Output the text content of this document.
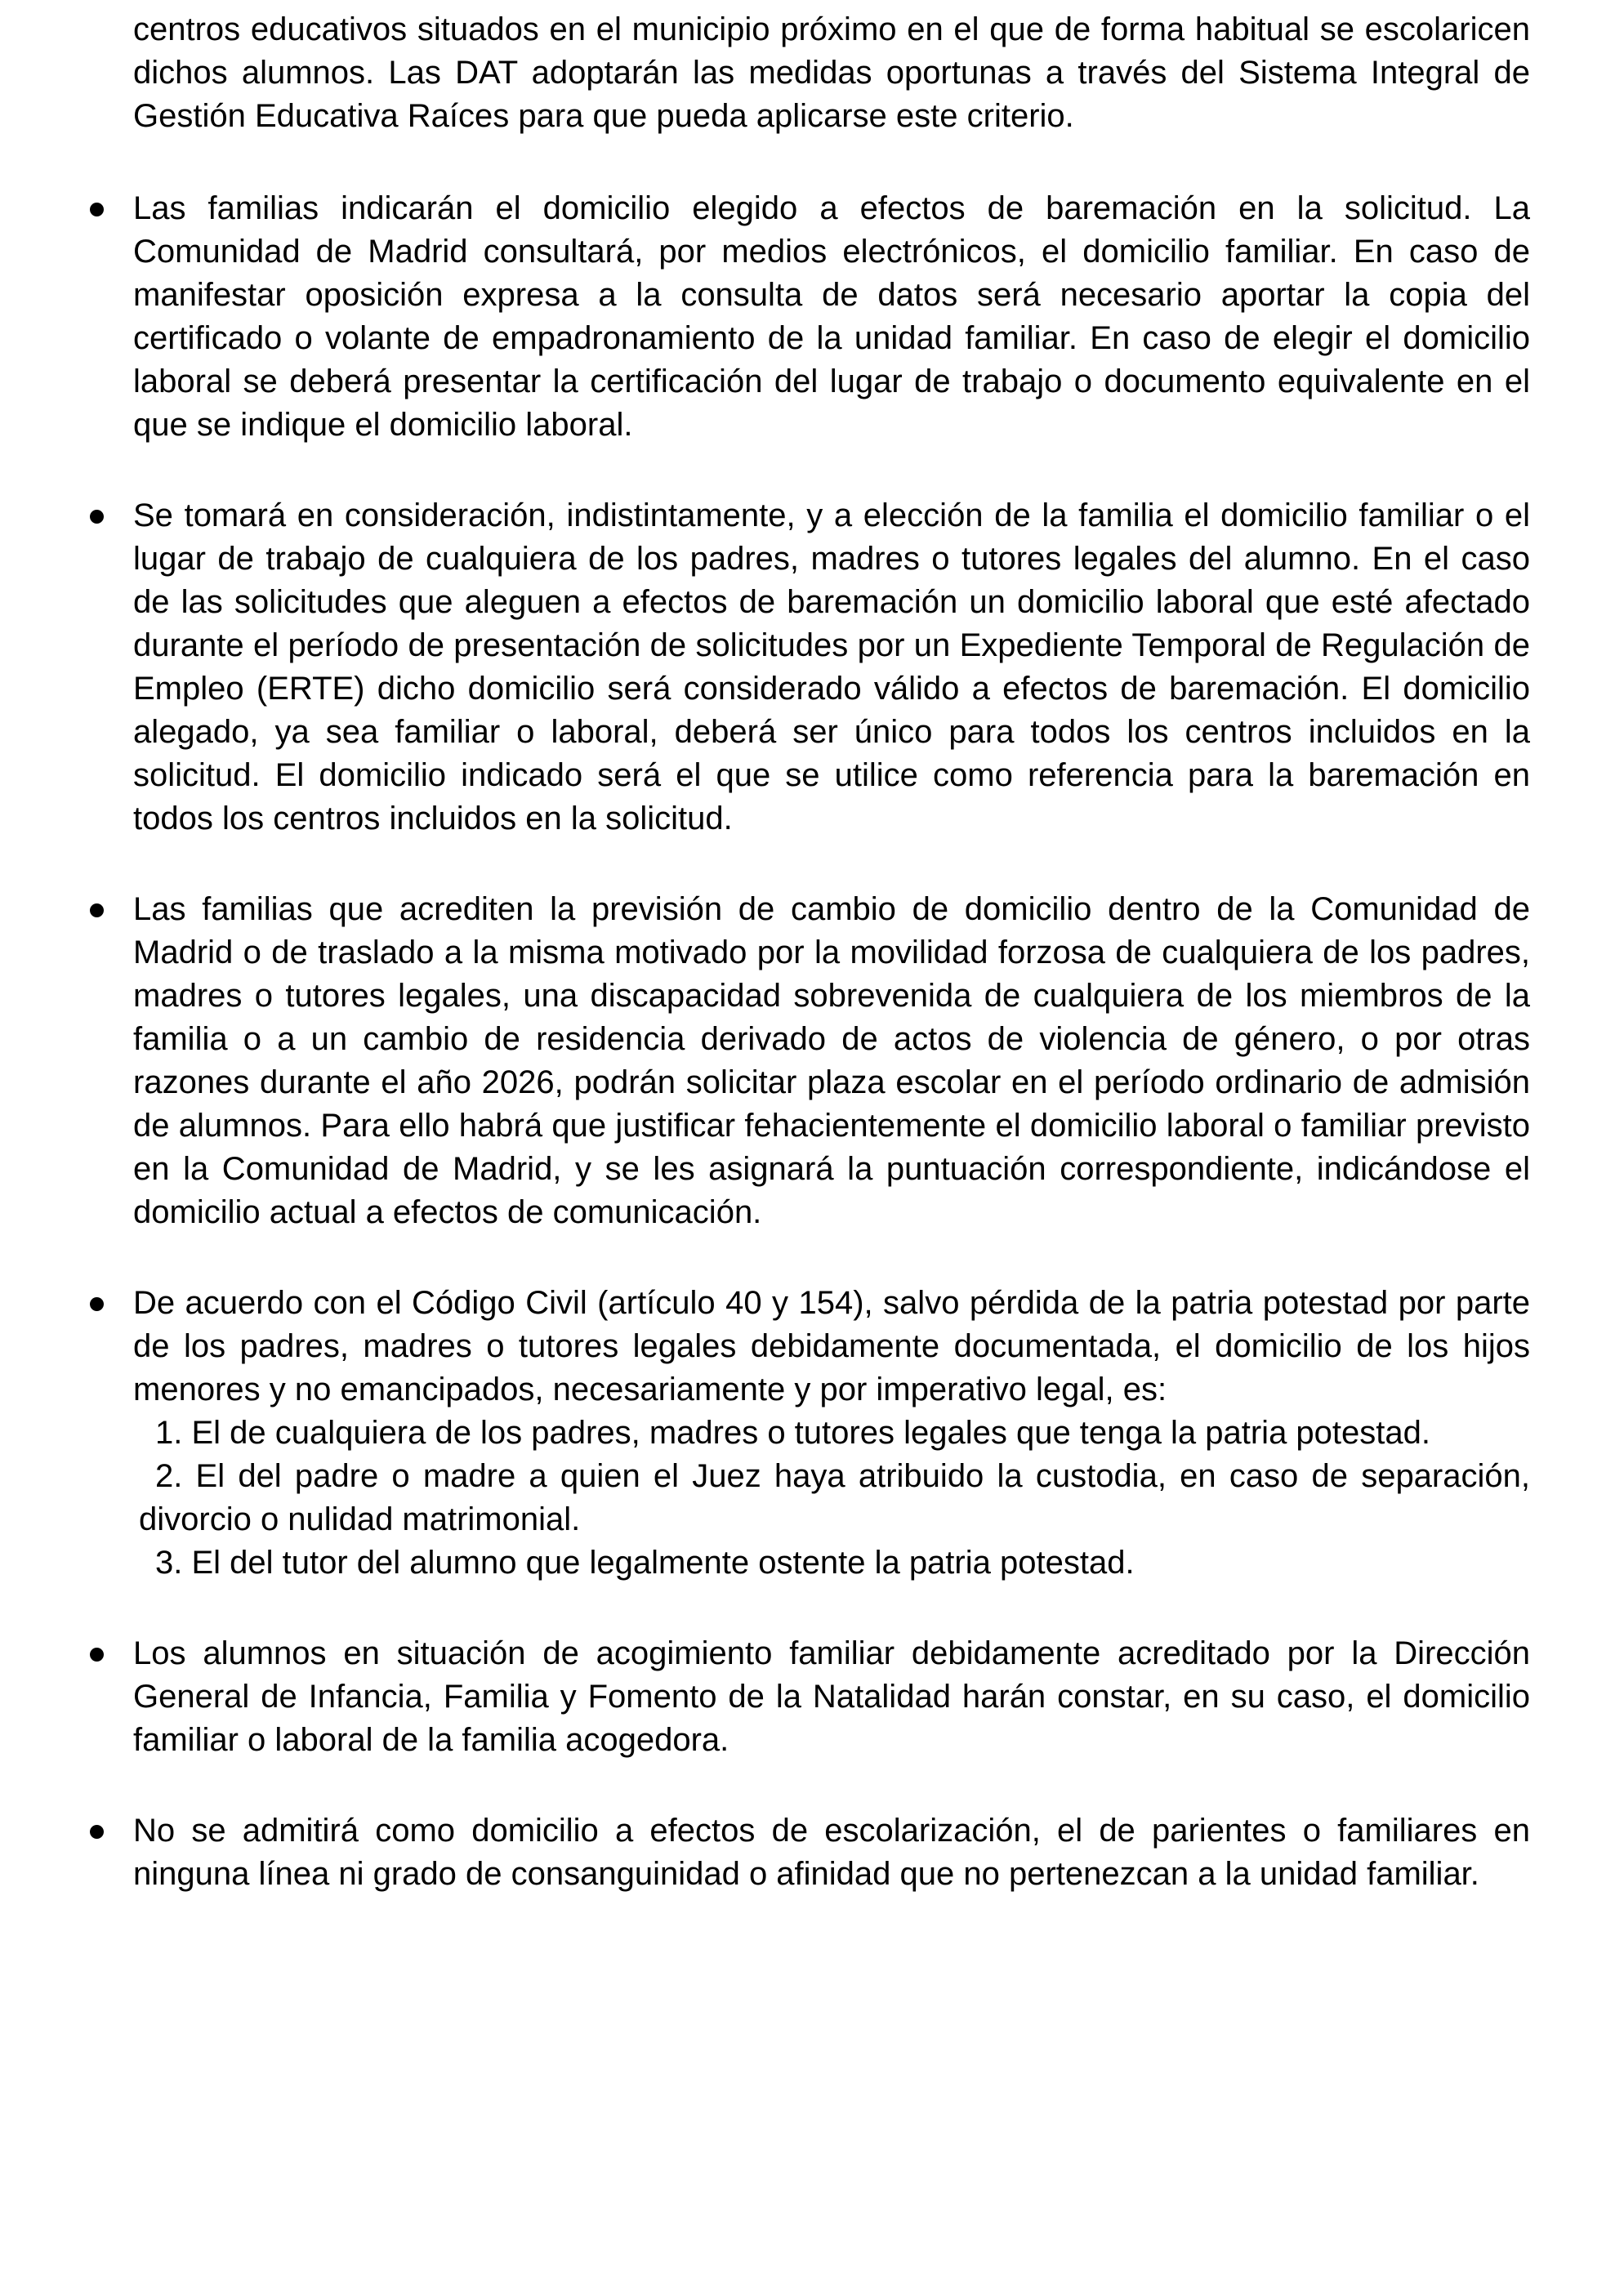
centros educativos situados en el municipio próximo en el que de forma habitual se escolaricen dichos alumnos. Las DAT adoptarán las medidas oportunas a través del Sistema Integral de Gestión Educativa Raíces para que pueda aplicarse este criterio.

Las familias indicarán el domicilio elegido a efectos de baremación en la solicitud. La Comunidad de Madrid consultará, por medios electrónicos, el domicilio familiar. En caso de manifestar oposición expresa a la consulta de datos será necesario aportar la copia del certificado o volante de empadronamiento de la unidad familiar. En caso de elegir el domicilio laboral se deberá presentar la certificación del lugar de trabajo o documento equivalente en el que se indique el domicilio laboral.

Se tomará en consideración, indistintamente, y a elección de la familia el domicilio familiar o el lugar de trabajo de cualquiera de los padres, madres o tutores legales del alumno. En el caso de las solicitudes que aleguen a efectos de baremación un domicilio laboral que esté afectado durante el período de presentación de solicitudes por un Expediente Temporal de Regulación de Empleo (ERTE) dicho domicilio será considerado válido a efectos de baremación. El domicilio alegado, ya sea familiar o laboral, deberá ser único para todos los centros incluidos en la solicitud. El domicilio indicado será el que se utilice como referencia para la baremación en todos los centros incluidos en la solicitud.

Las familias que acrediten la previsión de cambio de domicilio dentro de la Comunidad de Madrid o de traslado a la misma motivado por la movilidad forzosa de cualquiera de los padres, madres o tutores legales, una discapacidad sobrevenida de cualquiera de los miembros de la familia o a un cambio de residencia derivado de actos de violencia de género, o por otras razones durante el año 2026, podrán solicitar plaza escolar en el período ordinario de admisión de alumnos. Para ello habrá que justificar fehacientemente el domicilio laboral o familiar previsto en la Comunidad de Madrid, y se les asignará la puntuación correspondiente, indicándose el domicilio actual a efectos de comunicación.

De acuerdo con el Código Civil (artículo 40 y 154), salvo pérdida de la patria potestad por parte de los padres, madres o tutores legales debidamente documentada, el domicilio de los hijos menores y no emancipados, necesariamente y por imperativo legal, es:

1. El de cualquiera de los padres, madres o tutores legales que tenga la patria potestad.

2. El del padre o madre a quien el Juez haya atribuido la custodia, en caso de separación, divorcio o nulidad matrimonial.

3. El del tutor del alumno que legalmente ostente la patria potestad.

Los alumnos en situación de acogimiento familiar debidamente acreditado por la Dirección General de Infancia, Familia y Fomento de la Natalidad harán constar, en su caso, el domicilio familiar o laboral de la familia acogedora.

No se admitirá como domicilio a efectos de escolarización, el de parientes o familiares en ninguna línea ni grado de consanguinidad o afinidad que no pertenezcan a la unidad familiar.
